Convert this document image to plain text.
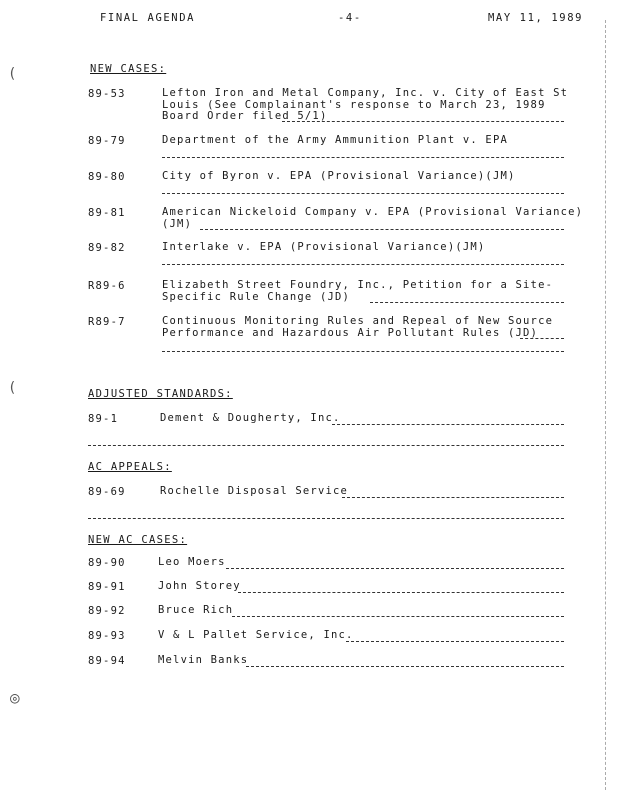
FINAL AGENDA	-4-	MAY 11, 1989
(
(
◎
NEW CASES:
89-53	Lefton Iron and Metal Company, Inc. v. City of East St
Louis (See Complainant's response to March 23, 1989
Board Order filed 5/1)
89-79	Department of the Army Ammunition Plant v. EPA
89-80	City of Byron v. EPA (Provisional Variance)(JM)
89-81	American Nickeloid Company v. EPA (Provisional Variance)
(JM)
89-82	Interlake v. EPA (Provisional Variance)(JM)
R89-6	Elizabeth Street Foundry, Inc., Petition for a Site-
Specific Rule Change (JD)
R89-7	Continuous Monitoring Rules and Repeal of New Source
Performance and Hazardous Air Pollutant Rules (JD)
ADJUSTED STANDARDS:
89-1	Dement & Dougherty, Inc.
AC APPEALS:
89-69	Rochelle Disposal Service
NEW AC CASES:
89-90	Leo Moers
89-91	John Storey
89-92	Bruce Rich
89-93	V & L Pallet Service, Inc.
89-94	Melvin Banks
